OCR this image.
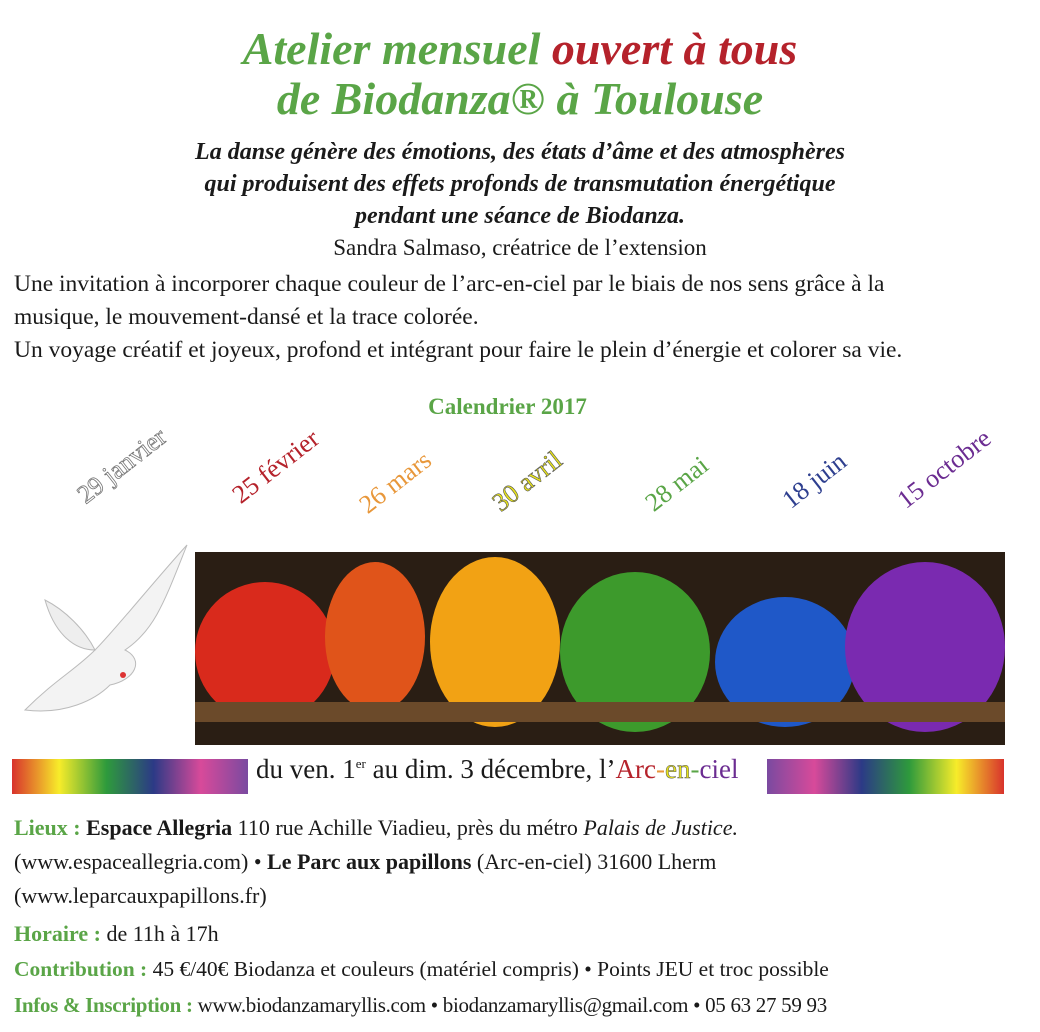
Atelier mensuel ouvert à tous
de Biodanza® à Toulouse
La danse génère des émotions, des états d’âme et des atmosphères
qui produisent des effets profonds de transmutation énergétique
pendant une séance de Biodanza.
Sandra Salmaso, créatrice de l’extension
Une invitation à incorporer chaque couleur de l’arc-en-ciel par le biais de nos sens grâce à la
musique, le mouvement-dansé et la trace colorée.
Un voyage créatif et joyeux, profond et intégrant pour faire le plein d’énergie et colorer sa vie.
Calendrier 2017
29 janvier 25 février 26 mars 30 avril	28 mai 18 juin 15 octobre
du ven. 1er au dim. 3 décembre, l’Arc-en-ciel
Lieux : Espace Allegria 110 rue Achille Viadieu, près du métro Palais de Justice.
(www.espaceallegria.com) • Le Parc aux papillons (Arc-en-ciel) 31600 Lherm
(www.leparcauxpapillons.fr)
Horaire : de 11h à 17h
Contribution : 45 €/40€ Biodanza et couleurs (matériel compris) • Points JEU et troc possible
Infos & Inscription : www.biodanzamaryllis.com • biodanzamaryllis@gmail.com • 05 63 27 59 93
